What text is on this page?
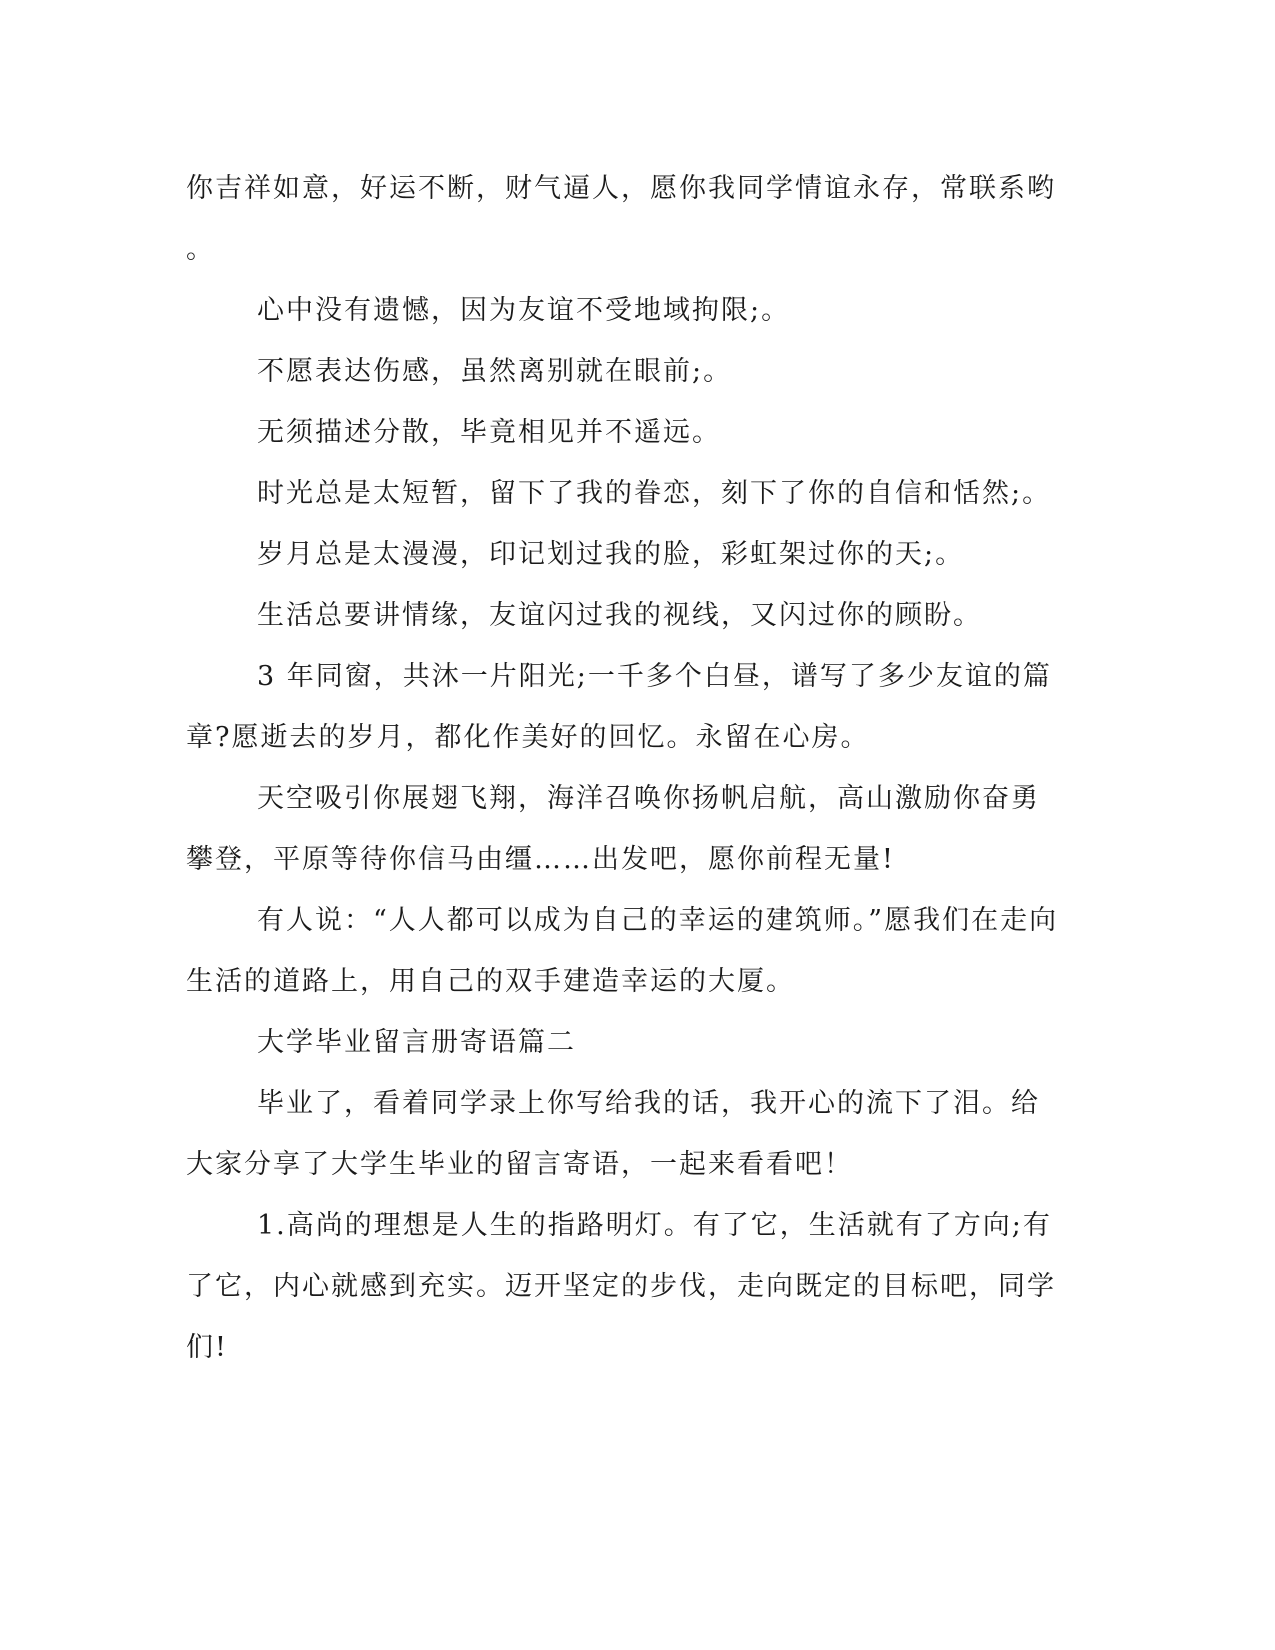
你吉祥如意，好运不断，财气逼人，愿你我同学情谊永存，常联系哟

。

心中没有遗憾，因为友谊不受地域拘限;。

不愿表达伤感，虽然离别就在眼前;。

无须描述分散，毕竟相见并不遥远。

时光总是太短暂，留下了我的眷恋，刻下了你的自信和恬然;。

岁月总是太漫漫，印记划过我的脸，彩虹架过你的天;。

生活总要讲情缘，友谊闪过我的视线，又闪过你的顾盼。

3 年同窗，共沐一片阳光;一千多个白昼，谱写了多少友谊的篇章?愿逝去的岁月，都化作美好的回忆。永留在心房。

天空吸引你展翅飞翔，海洋召唤你扬帆启航，高山激励你奋勇攀登，平原等待你信马由缰……出发吧，愿你前程无量!

有人说：“人人都可以成为自己的幸运的建筑师。”愿我们在走向生活的道路上，用自己的双手建造幸运的大厦。

大学毕业留言册寄语篇二

毕业了，看着同学录上你写给我的话，我开心的流下了泪。给大家分享了大学生毕业的留言寄语，一起来看看吧！

1.高尚的理想是人生的指路明灯。有了它，生活就有了方向;有了它，内心就感到充实。迈开坚定的步伐，走向既定的目标吧，同学们!
